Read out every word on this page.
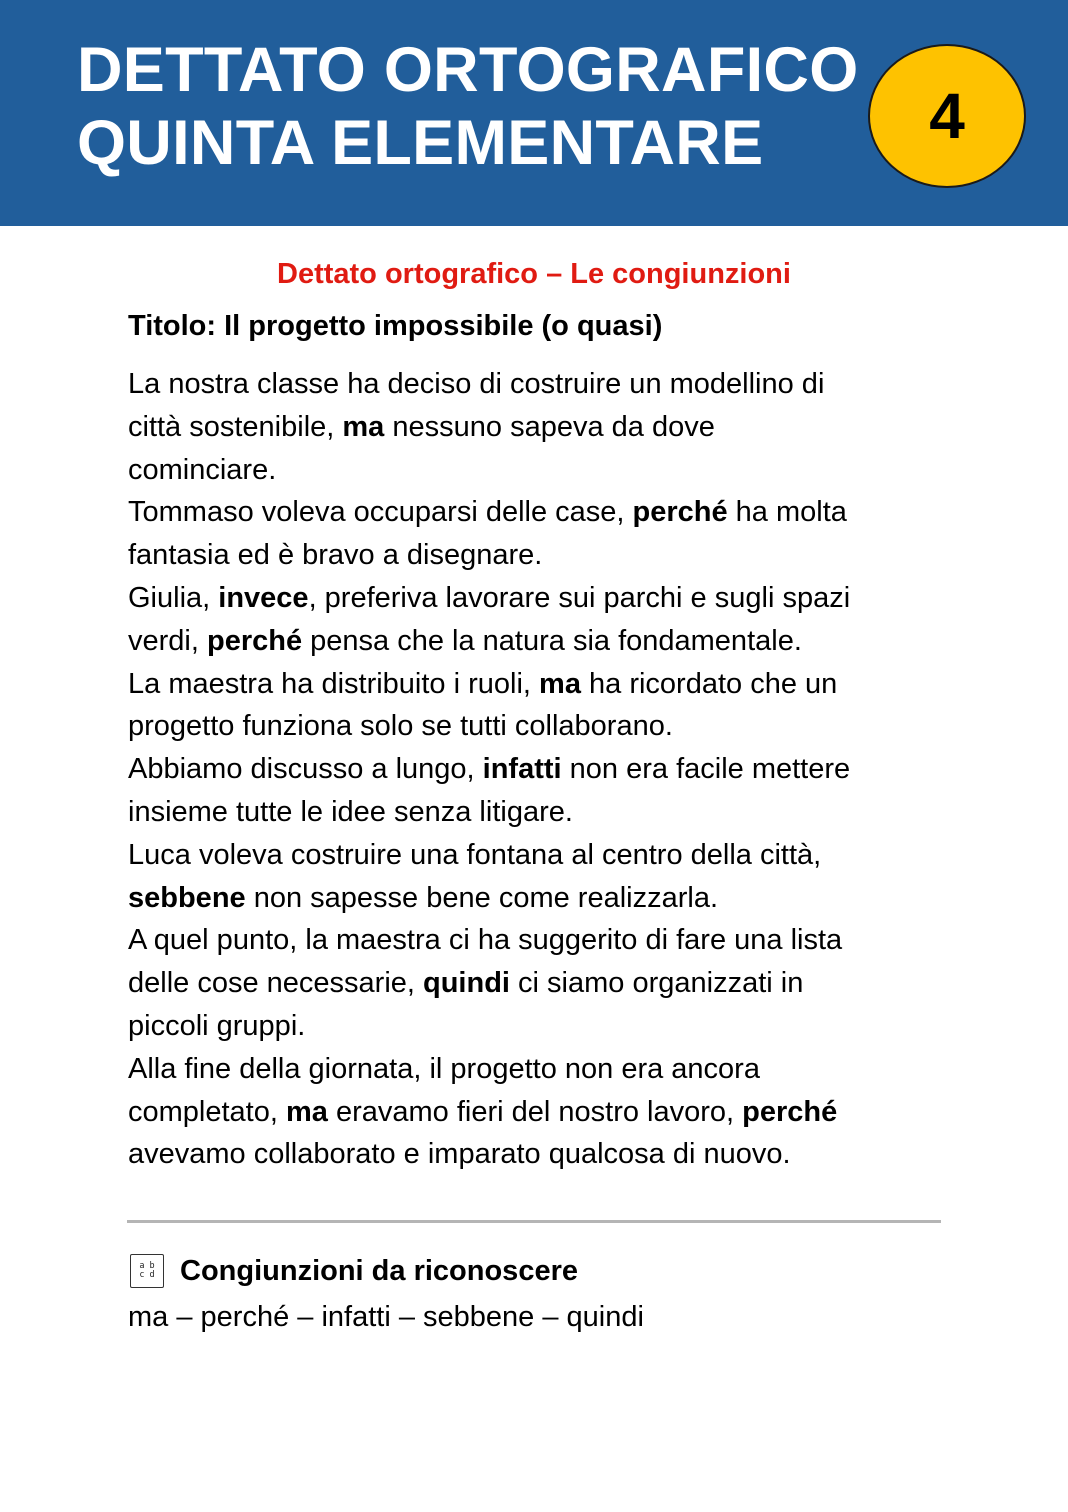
DETTATO ORTOGRAFICO
QUINTA ELEMENTARE	4
Dettato ortografico – Le congiunzioni
Titolo: Il progetto impossibile (o quasi)
La nostra classe ha deciso di costruire un modellino di
città sostenibile, ma nessuno sapeva da dove
cominciare.
Tommaso voleva occuparsi delle case, perché ha molta
fantasia ed è bravo a disegnare.
Giulia, invece, preferiva lavorare sui parchi e sugli spazi
verdi, perché pensa che la natura sia fondamentale.
La maestra ha distribuito i ruoli, ma ha ricordato che un
progetto funziona solo se tutti collaborano.
Abbiamo discusso a lungo, infatti non era facile mettere
insieme tutte le idee senza litigare.
Luca voleva costruire una fontana al centro della città,
sebbene non sapesse bene come realizzarla.
A quel punto, la maestra ci ha suggerito di fare una lista
delle cose necessarie, quindi ci siamo organizzati in
piccoli gruppi.
Alla fine della giornata, il progetto non era ancora
completato, ma eravamo fieri del nostro lavoro, perché
avevamo collaborato e imparato qualcosa di nuovo.
a b
c d Congiunzioni da riconoscere
ma – perché – infatti – sebbene – quindi
